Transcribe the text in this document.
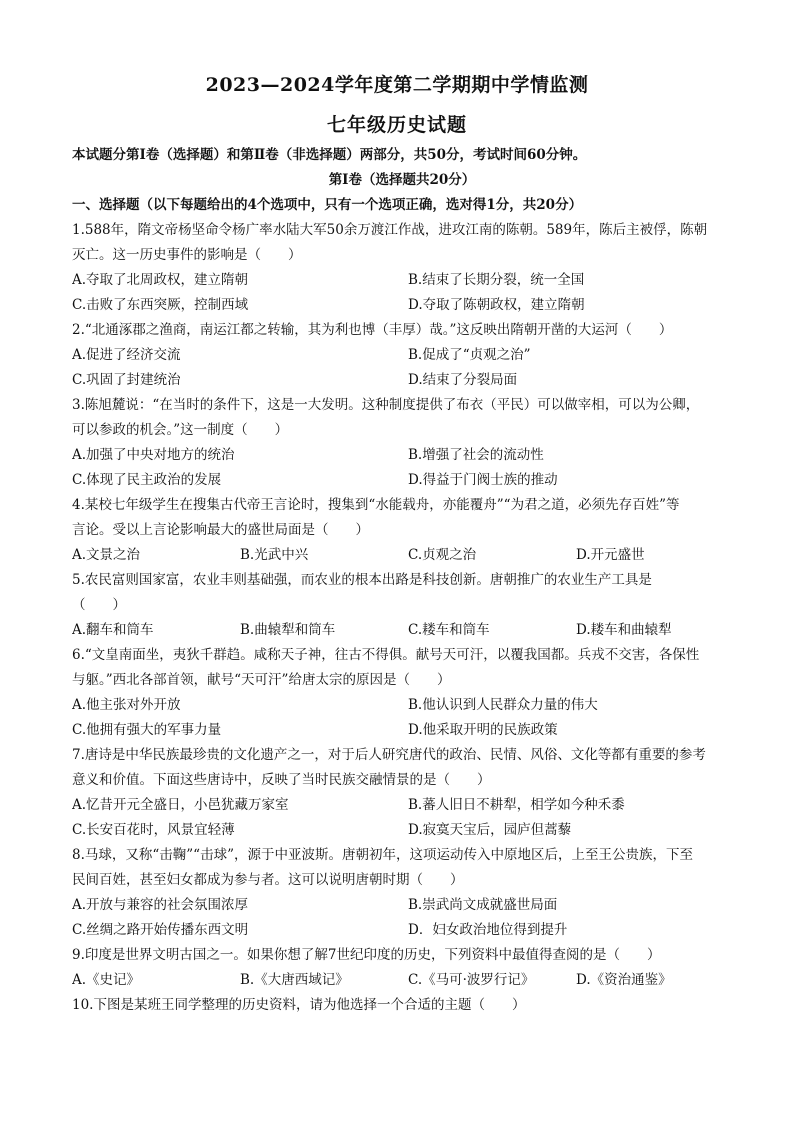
2023—2024学年度第二学期期中学情监测
七年级历史试题
本试题分第Ⅰ卷（选择题）和第Ⅱ卷（非选择题）两部分，共50分，考试时间60分钟。
第Ⅰ卷（选择题共20分）
一、选择题（以下每题给出的4个选项中，只有一个选项正确，选对得1分，共20分）
1.588年，隋文帝杨坚命令杨广率水陆大军50余万渡江作战，进攻江南的陈朝。589年，陈后主被俘，陈朝
灭亡。这一历史事件的影响是（　　）
A.夺取了北周政权，建立隋朝	B.结束了长期分裂，统一全国
C.击败了东西突厥，控制西域	D.夺取了陈朝政权，建立隋朝
2.“北通涿郡之渔商，南运江都之转输，其为利也博（丰厚）哉。”这反映出隋朝开凿的大运河（　　）
A.促进了经济交流	B.促成了“贞观之治”
C.巩固了封建统治	D.结束了分裂局面
3.陈旭麓说：“在当时的条件下，这是一大发明。这种制度提供了布衣（平民）可以做宰相，可以为公卿，
可以参政的机会。”这一制度（　　）
A.加强了中央对地方的统治	B.增强了社会的流动性
C.体现了民主政治的发展	D.得益于门阀士族的推动
4.某校七年级学生在搜集古代帝王言论时，搜集到“水能载舟，亦能覆舟”“为君之道，必须先存百姓”等
言论。受以上言论影响最大的盛世局面是（　　）
A.文景之治	B.光武中兴	C.贞观之治	D.开元盛世
5.农民富则国家富，农业丰则基础强，而农业的根本出路是科技创新。唐朝推广的农业生产工具是
（　　）
A.翻车和筒车	B.曲辕犁和筒车	C.耧车和筒车	D.耧车和曲辕犁
6.“文皇南面坐，夷狄千群趋。咸称天子神，往古不得俱。献号天可汗，以覆我国都。兵戎不交害，各保性
与躯。”西北各部首领，献号“天可汗”给唐太宗的原因是（　　）
A.他主张对外开放	B.他认识到人民群众力量的伟大
C.他拥有强大的军事力量	D.他采取开明的民族政策
7.唐诗是中华民族最珍贵的文化遗产之一，对于后人研究唐代的政治、民情、风俗、文化等都有重要的参考
意义和价值。下面这些唐诗中，反映了当时民族交融情景的是（　　）
A.忆昔开元全盛日，小邑犹藏万家室	B.蕃人旧日不耕犁，相学如今种禾黍
C.长安百花时，风景宜轻薄	D.寂寞天宝后，园庐但蒿藜
8.马球，又称“击鞠”“击球”，源于中亚波斯。唐朝初年，这项运动传入中原地区后，上至王公贵族，下至
民间百姓，甚至妇女都成为参与者。这可以说明唐朝时期（　　）
A.开放与兼容的社会氛围浓厚	B.崇武尚文成就盛世局面
C.丝绸之路开始传播东西文明	D．妇女政治地位得到提升
9.印度是世界文明古国之一。如果你想了解7世纪印度的历史，下列资料中最值得查阅的是（　　）
A.《史记》	B.《大唐西域记》	C.《马可·波罗行记》	D.《资治通鉴》
10.下图是某班王同学整理的历史资料，请为他选择一个合适的主题（　　）
